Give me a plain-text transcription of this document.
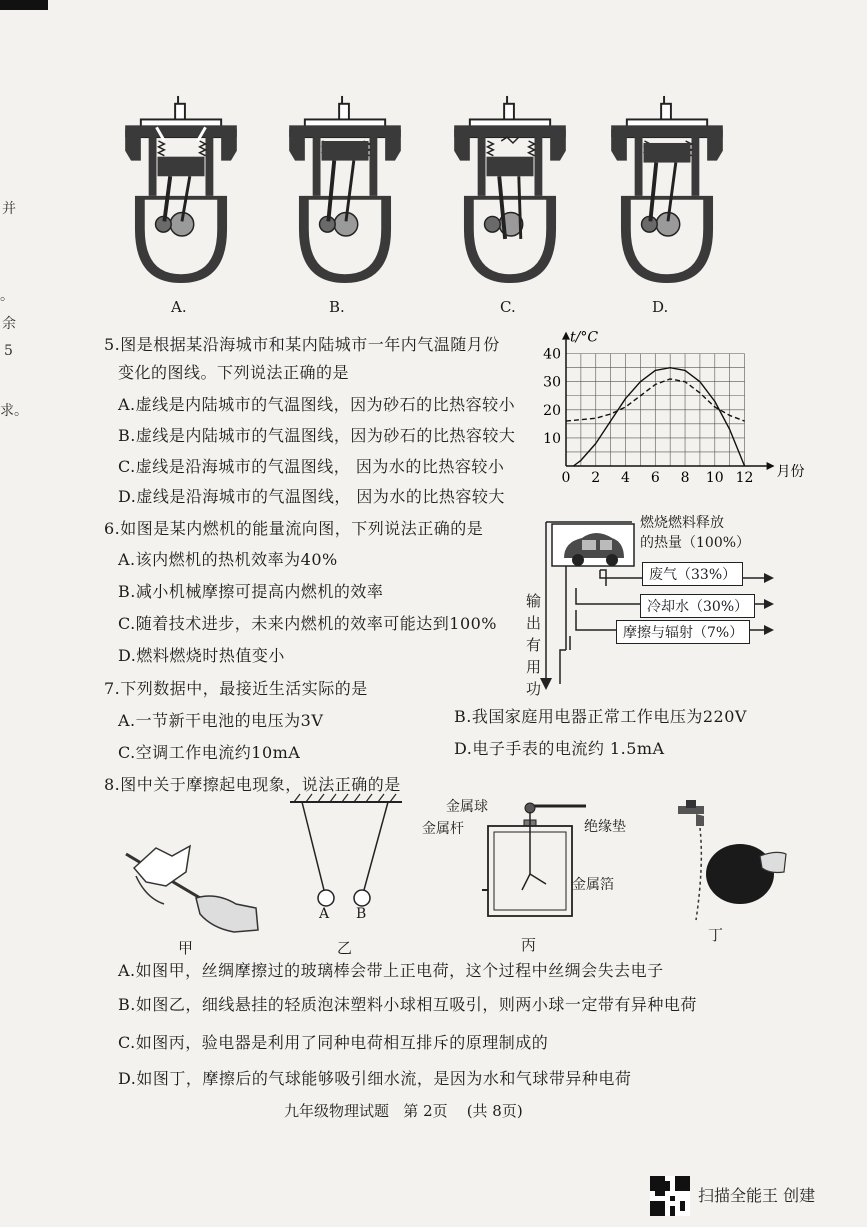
并
。
余
5
求。
A.	B.	C.	D.
5.图是根据某沿海城市和某内陆城市一年内气温随月份
变化的图线。下列说法正确的是
A.虚线是内陆城市的气温图线，因为砂石的比热容较小
B.虚线是内陆城市的气温图线，因为砂石的比热容较大
C.虚线是沿海城市的气温图线， 因为水的比热容较小
D.虚线是沿海城市的气温图线， 因为水的比热容较大
0 2 4 6 8 10 12
10
20
30
40
t/°C
月份
6.如图是某内燃机的能量流向图，下列说法正确的是
A.该内燃机的热机效率为40%
B.减小机械摩擦可提高内燃机的效率
C.随着技术进步，未来内燃机的效率可能达到100%
D.燃料燃烧时热值变小
燃烧燃料释放
的热量（100%）
废气（33%）
冷却水（30%）
摩擦与辐射（7%）
输
出
有
用
功
7.下列数据中，最接近生活实际的是
A.一节新干电池的电压为3V	B.我国家庭用电器正常工作电压为220V
C.空调工作电流约10mA	D.电子手表的电流约 1.5mA
8.图中关于摩擦起电现象，说法正确的是
甲
A B
乙
金属球
金属杆	绝缘垫
金属箔
丙
丁
A.如图甲，丝绸摩擦过的玻璃棒会带上正电荷，这个过程中丝绸会失去电子
B.如图乙，细线悬挂的轻质泡沫塑料小球相互吸引，则两小球一定带有异种电荷
C.如图丙，验电器是利用了同种电荷相互排斥的原理制成的
D.如图丁，摩擦后的气球能够吸引细水流，是因为水和气球带异种电荷
九年级物理试题   第 2页    (共 8页)
扫描全能王 创建
